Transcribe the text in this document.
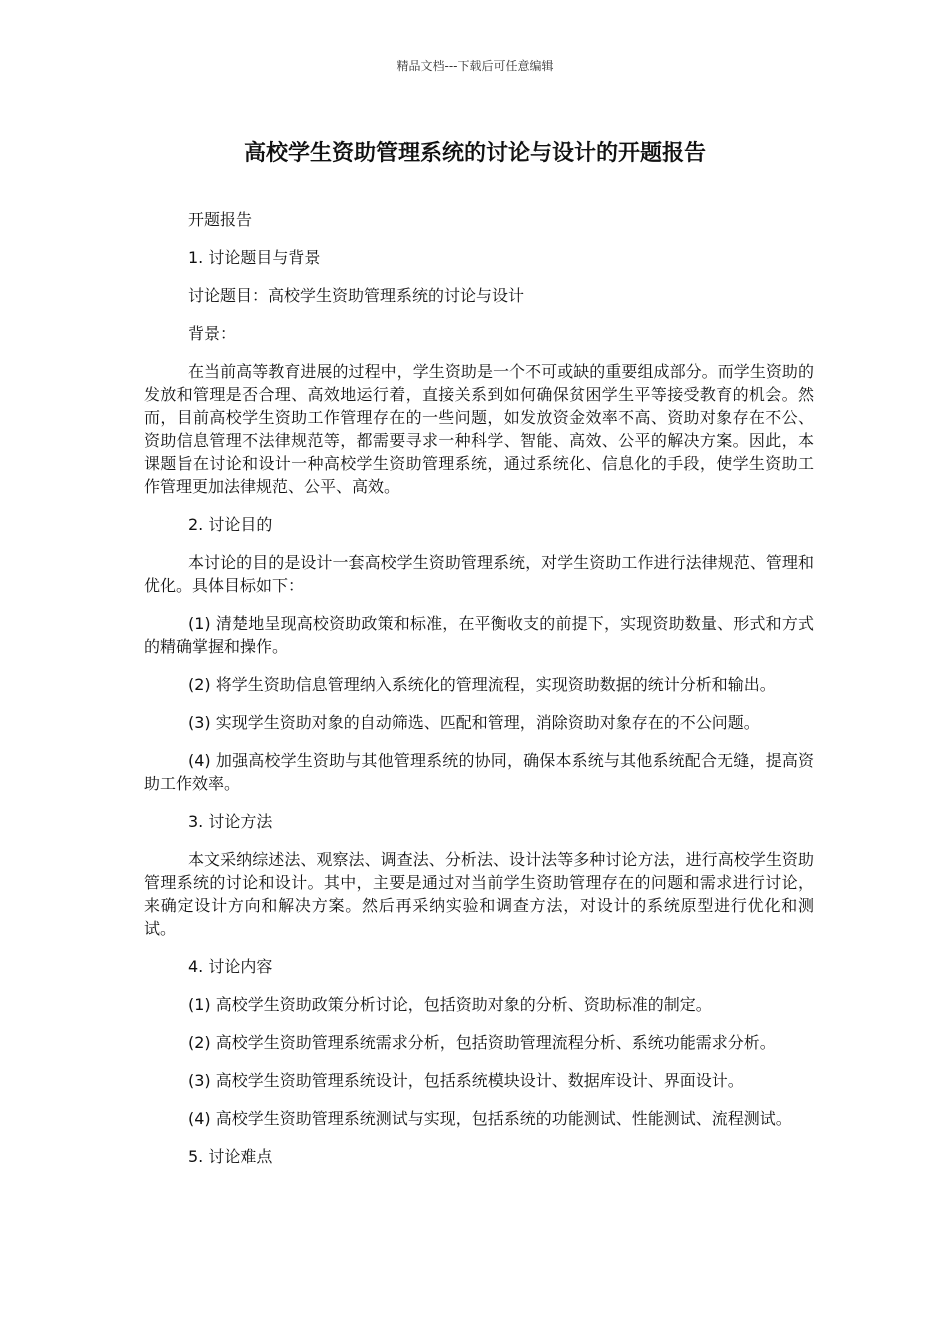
精品文档---下载后可任意编辑
高校学生资助管理系统的讨论与设计的开题报告

开题报告

1. 讨论题目与背景

讨论题目：高校学生资助管理系统的讨论与设计

背景：

在当前高等教育进展的过程中，学生资助是一个不可或缺的重要组成部分。而学生资助的发放和管理是否合理、高效地运行着，直接关系到如何确保贫困学生平等接受教育的机会。然而，目前高校学生资助工作管理存在的一些问题，如发放资金效率不高、资助对象存在不公、资助信息管理不法律规范等，都需要寻求一种科学、智能、高效、公平的解决方案。因此，本课题旨在讨论和设计一种高校学生资助管理系统，通过系统化、信息化的手段，使学生资助工作管理更加法律规范、公平、高效。

2. 讨论目的

本讨论的目的是设计一套高校学生资助管理系统，对学生资助工作进行法律规范、管理和优化。具体目标如下：

(1) 清楚地呈现高校资助政策和标准，在平衡收支的前提下，实现资助数量、形式和方式的精确掌握和操作。

(2) 将学生资助信息管理纳入系统化的管理流程，实现资助数据的统计分析和输出。

(3) 实现学生资助对象的自动筛选、匹配和管理，消除资助对象存在的不公问题。

(4) 加强高校学生资助与其他管理系统的协同，确保本系统与其他系统配合无缝，提高资助工作效率。

3. 讨论方法

本文采纳综述法、观察法、调查法、分析法、设计法等多种讨论方法，进行高校学生资助管理系统的讨论和设计。其中，主要是通过对当前学生资助管理存在的问题和需求进行讨论，来确定设计方向和解决方案。然后再采纳实验和调查方法，对设计的系统原型进行优化和测试。

4. 讨论内容

(1) 高校学生资助政策分析讨论，包括资助对象的分析、资助标准的制定。

(2) 高校学生资助管理系统需求分析，包括资助管理流程分析、系统功能需求分析。

(3) 高校学生资助管理系统设计，包括系统模块设计、数据库设计、界面设计。

(4) 高校学生资助管理系统测试与实现，包括系统的功能测试、性能测试、流程测试。

5. 讨论难点
